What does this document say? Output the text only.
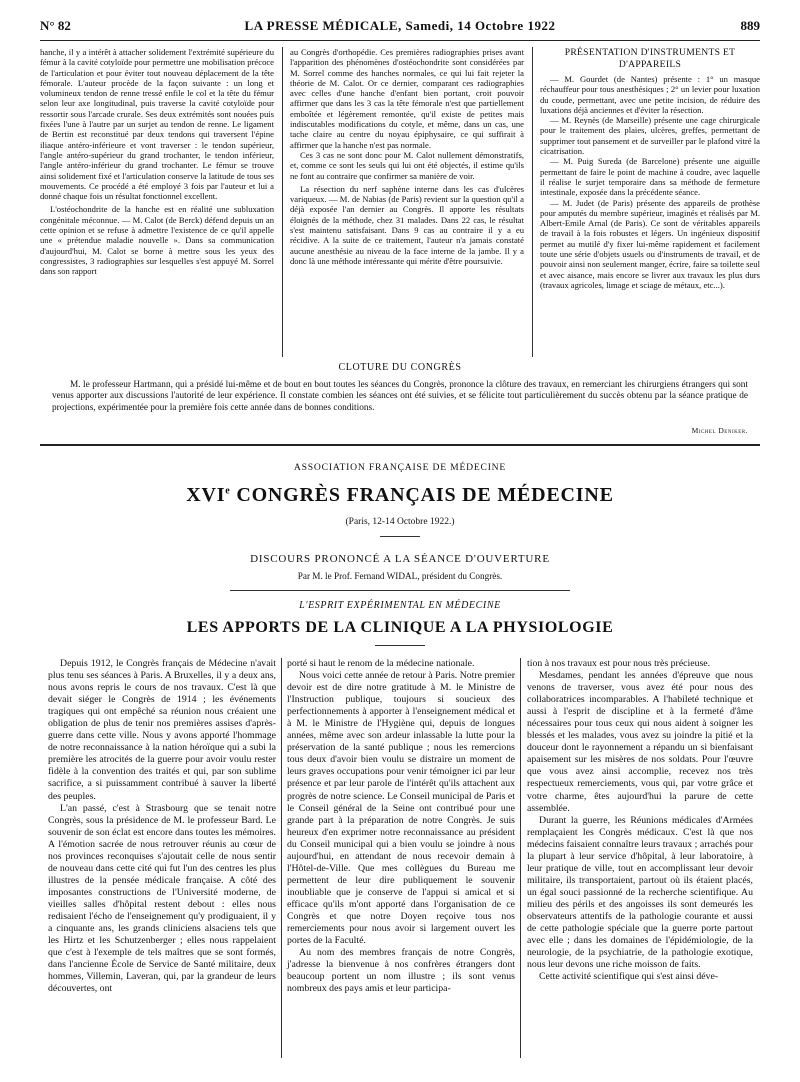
N° 82	LA PRESSE MÉDICALE, Samedi, 14 Octobre 1922	889

hanche, il y a intérêt à attacher solidement l'extrémité supérieure du fémur à la cavité cotyloïde pour permettre une mobilisation précoce de l'articulation et pour éviter tout nouveau déplacement de la tête fémorale. L'auteur procède de la façon suivante : un long et volumineux tendon de renne tressé enfile le col et la tête du fémur selon leur axe longitudinal, puis traverse la cavité cotyloïde pour ressortir sous l'arcade crurale. Ses deux extrémités sont nouées puis fixées l'une à l'autre par un surjet au tendon de renne. Le ligament de Bertin est reconstitué par deux tendons qui traversent l'épine iliaque antéro-inférieure et vont traverser : le tendon supérieur, l'angle antéro-supérieur du grand trochanter, le tendon inférieur, l'angle antéro-inférieur du grand trochanter. Le fémur se trouve ainsi solidement fixé et l'articulation conserve la latitude de tous ses mouvements. Ce procédé a été employé 3 fois par l'auteur et lui a donné chaque fois un résultat fonctionnel excellent.

L'ostéochondrite de la hanche est en réalité une subluxation congénitale méconnue. — M. Calot (de Berck) défend depuis un an cette opinion et se refuse à admettre l'existence de ce qu'il appelle une « prétendue maladie nouvelle ». Dans sa communication d'aujourd'hui, M. Calot se borne à mettre sous les yeux des congressistes, 3 radiographies sur lesquelles s'est appuyé M. Sorrel dans son rapport

au Congrès d'orthopédie. Ces premières radiographies prises avant l'apparition des phénomènes d'ostéochondrite sont considérées par M. Sorrel comme des hanches normales, ce qui lui fait rejeter la théorie de M. Calot. Or ce dernier, comparant ces radiographies avec celles d'une hanche d'enfant bien portant, croit pouvoir affirmer que dans les 3 cas la tête fémorale n'est que partiellement emboîtée et légèrement remontée, qu'il existe de petites mais indiscutables modifications du cotyle, et même, dans un cas, une tache claire au centre du noyau épiphysaire, ce qui suffirait à affirmer que la hanche n'est pas normale.

Ces 3 cas ne sont donc pour M. Calot nullement démonstratifs, et, comme ce sont les seuls qui lui ont été objectés, il estime qu'ils ne font au contraire que confirmer sa manière de voir.

La résection du nerf saphène interne dans les cas d'ulcères variqueux. — M. de Nabias (de Paris) revient sur la question qu'il a déjà exposée l'an dernier au Congrès. Il apporte les résultats éloignés de la méthode, chez 31 malades. Dans 22 cas, le résultat s'est maintenu satisfaisant. Dans 9 cas au contraire il y a eu récidive. A la suite de ce traitement, l'auteur n'a jamais constaté aucune anesthésie au niveau de la face interne de la jambe. Il y a donc là une méthode intéressante qui mérite d'être poursuivie.

PRÉSENTATION D'INSTRUMENTS ET D'APPAREILS

— M. Gourdet (de Nantes) présente : 1° un masque réchauffeur pour tous anesthésiques ; 2° un levier pour luxation du coude, permettant, avec une petite incision, de réduire des luxations déjà anciennes et d'éviter la résection.

— M. Reynès (de Marseille) présente une cage chirurgicale pour le traitement des plaies, ulcères, greffes, permettant de supprimer tout pansement et de surveiller par le plafond vitré la cicatrisation.

— M. Puig Sureda (de Barcelone) présente une aiguille permettant de faire le point de machine à coudre, avec laquelle il réalise le surjet temporaire dans sa méthode de fermeture intestinale, exposée dans la précédente séance.

— M. Judet (de Paris) présente des appareils de prothèse pour amputés du membre supérieur, imaginés et réalisés par M. Albert-Emile Arnal (de Paris). Ce sont de véritables appareils de travail à la fois robustes et légers. Un ingénieux dispositif permet au mutilé d'y fixer lui-même rapidement et facilement toute une série d'objets usuels ou d'instruments de travail, et de pouvoir ainsi non seulement manger, écrire, faire sa toilette seul et avec aisance, mais encore se livrer aux travaux les plus durs (travaux agricoles, limage et sciage de métaux, etc...).

CLOTURE DU CONGRÈS

M. le professeur Hartmann, qui a présidé lui-même et de bout en bout toutes les séances du Congrès, prononce la clôture des travaux, en remerciant les chirurgiens étrangers qui sont venus apporter aux discussions l'autorité de leur expérience. Il constate combien les séances ont été suivies, et se félicite tout particulièrement du succès obtenu par la séance pratique de projections, expérimentée pour la première fois cette année dans de bonnes conditions.

Michel Deniker.
ASSOCIATION FRANÇAISE DE MÉDECINE
XVIe CONGRÈS FRANÇAIS DE MÉDECINE
(Paris, 12-14 Octobre 1922.)
DISCOURS PRONONCÉ A LA SÉANCE D'OUVERTURE
Par M. le Prof. Fernand WIDAL, président du Congrès.
L'ESPRIT EXPÉRIMENTAL EN MÉDECINE
LES APPORTS DE LA CLINIQUE A LA PHYSIOLOGIE

Depuis 1912, le Congrès français de Médecine n'avait plus tenu ses séances à Paris. A Bruxelles, il y a deux ans, nous avons repris le cours de nos travaux. C'est là que devait siéger le Congrès de 1914 ; les événements tragiques qui ont empêché sa réunion nous créaient une obligation de plus de tenir nos premières assises d'après-guerre dans cette ville. Nous y avons apporté l'hommage de notre reconnaissance à la nation héroïque qui a subi la première les atrocités de la guerre pour avoir voulu rester fidèle à la convention des traités et qui, par son sublime sacrifice, a si puissamment contribué à sauver la liberté des peuples.

L'an passé, c'est à Strasbourg que se tenait notre Congrès, sous la présidence de M. le professeur Bard. Le souvenir de son éclat est encore dans toutes les mémoires. A l'émotion sacrée de nous retrouver réunis au cœur de nos provinces reconquises s'ajoutait celle de nous sentir de nouveau dans cette cité qui fut l'un des centres les plus illustres de la pensée médicale française. A côté des imposantes constructions de l'Université moderne, de vieilles salles d'hôpital restent debout : elles nous redisaient l'écho de l'enseignement qu'y prodiguaient, il y a cinquante ans, les grands cliniciens alsaciens tels que les Hirtz et les Schutzenberger ; elles nous rappelaient que c'est à l'exemple de tels maîtres que se sont formés, dans l'ancienne École de Service de Santé militaire, deux hommes, Villemin, Laveran, qui, par la grandeur de leurs découvertes, ont

porté si haut le renom de la médecine nationale.

Nous voici cette année de retour à Paris. Notre premier devoir est de dire notre gratitude à M. le Ministre de l'Instruction publique, toujours si soucieux des perfectionnements à apporter à l'enseignement médical et à M. le Ministre de l'Hygiène qui, depuis de longues années, même avec son ardeur inlassable la lutte pour la préservation de la santé publique ; nous les remercions tous deux d'avoir bien voulu se distraire un moment de leurs graves occupations pour venir témoigner ici par leur présence et par leur parole de l'intérêt qu'ils attachent aux progrès de notre science. Le Conseil municipal de Paris et le Conseil général de la Seine ont contribué pour une grande part à la préparation de notre Congrès. Je suis heureux d'en exprimer notre reconnaissance au président du Conseil municipal qui a bien voulu se joindre à nous aujourd'hui, en attendant de nous recevoir demain à l'Hôtel-de-Ville. Que mes collègues du Bureau me permettent de leur dire publiquement le souvenir inoubliable que je conserve de l'appui si amical et si efficace qu'ils m'ont apporté dans l'organisation de ce Congrès et que notre Doyen reçoive tous nos remerciements pour nous avoir si largement ouvert les portes de la Faculté.

Au nom des membres français de notre Congrès, j'adresse la bienvenue à nos confrères étrangers dont beaucoup portent un nom illustre ; ils sont venus nombreux des pays amis et leur participa-

tion à nos travaux est pour nous très précieuse.

Mesdames, pendant les années d'épreuve que nous venons de traverser, vous avez été pour nous des collaboratrices incomparables. A l'habileté technique et aussi à l'esprit de discipline et à la fermeté d'âme nécessaires pour tous ceux qui nous aident à soigner les blessés et les malades, vous avez su joindre la pitié et la douceur dont le rayonnement a répandu un si bienfaisant apaisement sur les misères de nos soldats. Pour l'œuvre que vous avez ainsi accomplie, recevez nos très respectueux remerciements, vous qui, par votre grâce et votre charme, êtes aujourd'hui la parure de cette assemblée.

Durant la guerre, les Réunions médicales d'Armées remplaçaient les Congrès médicaux. C'est là que nos médecins faisaient connaître leurs travaux ; arrachés pour la plupart à leur service d'hôpital, à leur laboratoire, à leur pratique de ville, tout en accomplissant leur devoir militaire, ils transportaient, partout où ils étaient placés, un égal souci passionné de la recherche scientifique. Au milieu des périls et des angoisses ils sont demeurés les observateurs attentifs de la pathologie courante et aussi de cette pathologie spéciale que la guerre porte partout avec elle ; dans les domaines de l'épidémiologie, de la neurologie, de la psychiatrie, de la pathologie exotique, nous leur devons une riche moisson de faits.

Cette activité scientifique qui s'est ainsi déve-
